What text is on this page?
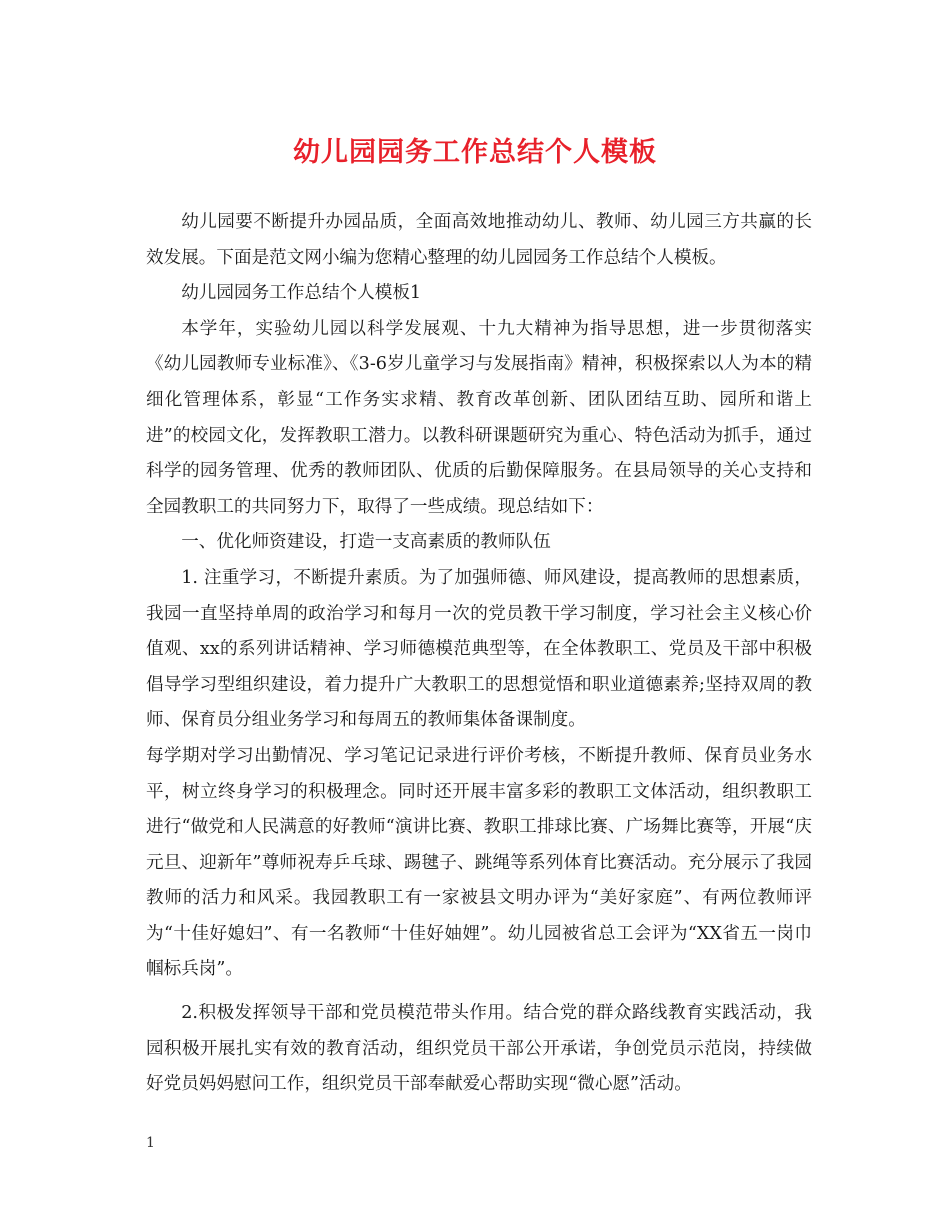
幼儿园园务工作总结个人模板

幼儿园要不断提升办园品质，全面高效地推动幼儿、教师、幼儿园三方共赢的长效发展。下面是范文网小编为您精心整理的幼儿园园务工作总结个人模板。

幼儿园园务工作总结个人模板1

本学年，实验幼儿园以科学发展观、十九大精神为指导思想，进一步贯彻落实《幼儿园教师专业标准》、《3-6岁儿童学习与发展指南》精神，积极探索以人为本的精细化管理体系，彰显“工作务实求精、教育改革创新、团队团结互助、园所和谐上进”的校园文化，发挥教职工潜力。以教科研课题研究为重心、特色活动为抓手，通过科学的园务管理、优秀的教师团队、优质的后勤保障服务。在县局领导的关心支持和全园教职工的共同努力下，取得了一些成绩。现总结如下：

一、优化师资建设，打造一支高素质的教师队伍

1. 注重学习，不断提升素质。为了加强师德、师风建设，提高教师的思想素质，我园一直坚持单周的政治学习和每月一次的党员教干学习制度，学习社会主义核心价值观、xx的系列讲话精神、学习师德模范典型等，在全体教职工、党员及干部中积极倡导学习型组织建设，着力提升广大教职工的思想觉悟和职业道德素养;坚持双周的教师、保育员分组业务学习和每周五的教师集体备课制度。

每学期对学习出勤情况、学习笔记记录进行评价考核，不断提升教师、保育员业务水平，树立终身学习的积极理念。同时还开展丰富多彩的教职工文体活动，组织教职工进行“做党和人民满意的好教师“演讲比赛、教职工排球比赛、广场舞比赛等，开展“庆元旦、迎新年”尊师祝寿乒乓球、踢毽子、跳绳等系列体育比赛活动。充分展示了我园教师的活力和风采。我园教职工有一家被县文明办评为“美好家庭”、有两位教师评为“十佳好媳妇”、有一名教师“十佳好妯娌”。幼儿园被省总工会评为“XX省五一岗巾帼标兵岗”。

2.积极发挥领导干部和党员模范带头作用。结合党的群众路线教育实践活动，我园积极开展扎实有效的教育活动，组织党员干部公开承诺，争创党员示范岗，持续做好党员妈妈慰问工作，组织党员干部奉献爱心帮助实现“微心愿”活动。

1
